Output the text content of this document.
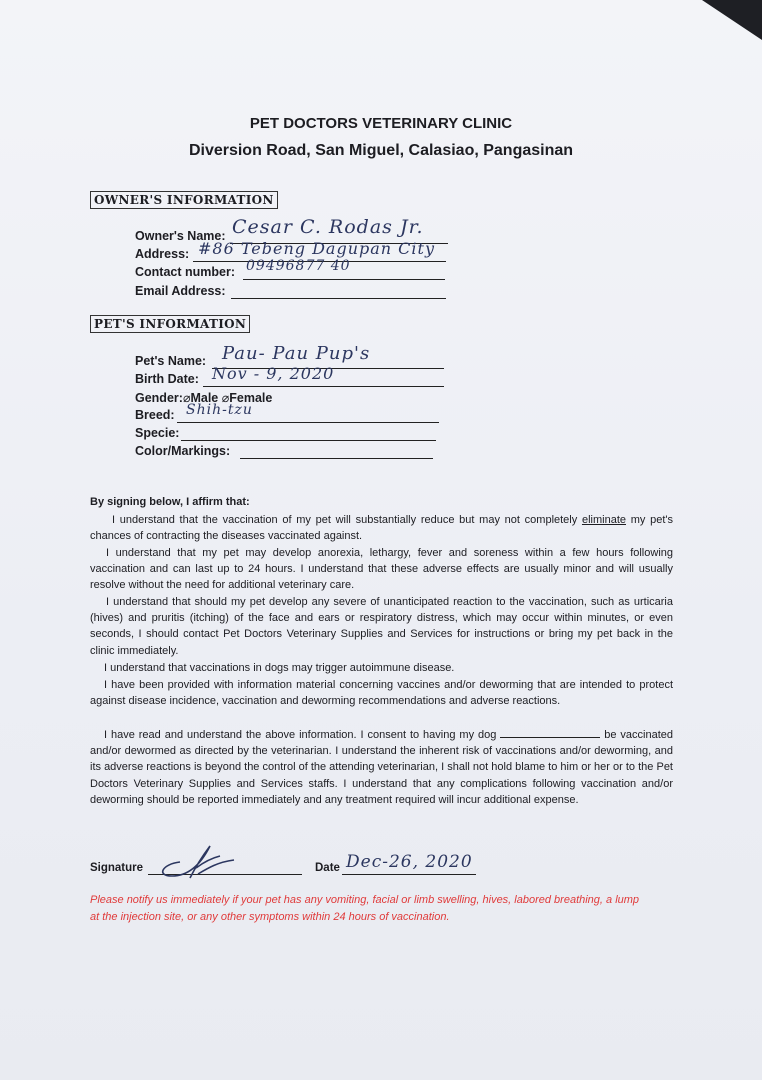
PET DOCTORS VETERINARY CLINIC
Diversion Road, San Miguel, Calasiao, Pangasinan
OWNER'S INFORMATION
Owner's Name: Cesar C. Rodas Jr.
Address: #86 Tebeng Dagupan City
Contact number: 09496877 40
Email Address:
PET'S INFORMATION
Pet's Name: Pau- Pau Pup's
Birth Date: Nov - 9, 2020
Gender:⌀Male ⌀Female
Breed: Shih-tzu
Specie:
Color/Markings:
By signing below, I affirm that:

I understand that the vaccination of my pet will substantially reduce but may not completely eliminate my pet's chances of contracting the diseases vaccinated against.

I understand that my pet may develop anorexia, lethargy, fever and soreness within a few hours following vaccination and can last up to 24 hours. I understand that these adverse effects are usually minor and will usually resolve without the need for additional veterinary care.

I understand that should my pet develop any severe of unanticipated reaction to the vaccination, such as urticaria (hives) and pruritis (itching) of the face and ears or respiratory distress, which may occur within minutes, or even seconds, I should contact Pet Doctors Veterinary Supplies and Services for instructions or bring my pet back in the clinic immediately.

I understand that vaccinations in dogs may trigger autoimmune disease.

I have been provided with information material concerning vaccines and/or deworming that are intended to protect against disease incidence, vaccination and deworming recommendations and adverse reactions.

I have read and understand the above information. I consent to having my dog	be vaccinated and/or dewormed as directed by the veterinarian. I understand the inherent risk of vaccinations and/or deworming, and its adverse reactions is beyond the control of the attending veterinarian, I shall not hold blame to him or her or to the Pet Doctors Veterinary Supplies and Services staffs. I understand that any complications following vaccination and/or deworming should be reported immediately and any treatment required will incur additional expense.

Signature	Date Dec-26, 2020
Please notify us immediately if your pet has any vomiting, facial or limb swelling, hives, labored breathing, a lump at the injection site, or any other symptoms within 24 hours of vaccination.
